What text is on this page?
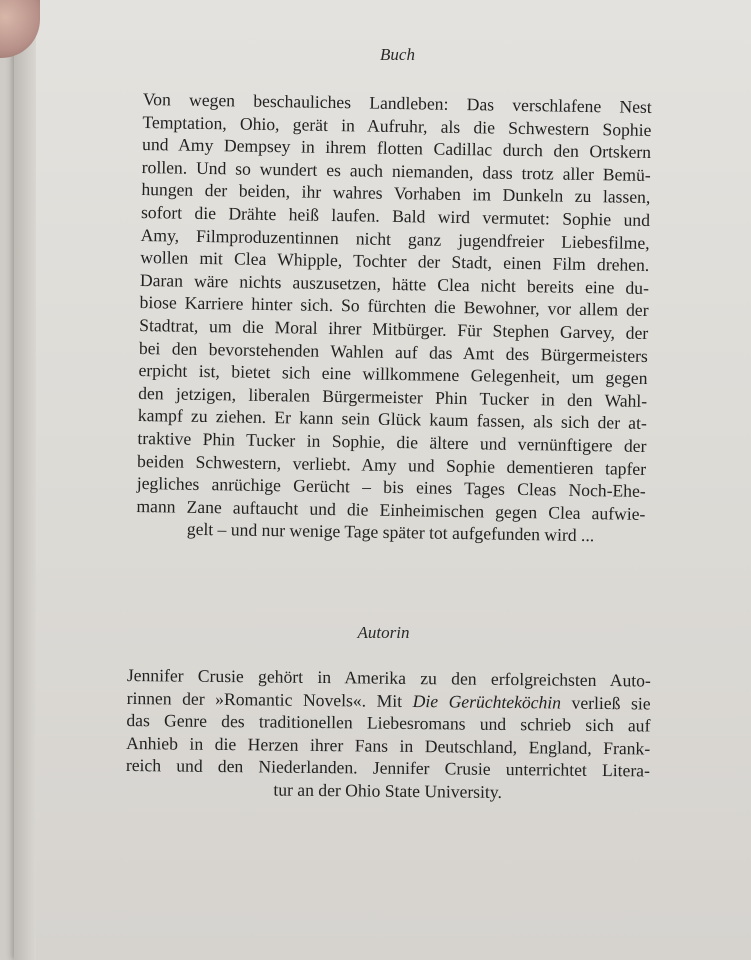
Buch
Von wegen beschauliches Landleben: Das verschlafene Nest
Temptation, Ohio, gerät in Aufruhr, als die Schwestern Sophie
und Amy Dempsey in ihrem flotten Cadillac durch den Ortskern
rollen. Und so wundert es auch niemanden, dass trotz aller Bemü-
hungen der beiden, ihr wahres Vorhaben im Dunkeln zu lassen,
sofort die Drähte heiß laufen. Bald wird vermutet: Sophie und
Amy, Filmproduzentinnen nicht ganz jugendfreier Liebesfilme,
wollen mit Clea Whipple, Tochter der Stadt, einen Film drehen.
Daran wäre nichts auszusetzen, hätte Clea nicht bereits eine du-
biose Karriere hinter sich. So fürchten die Bewohner, vor allem der
Stadtrat, um die Moral ihrer Mitbürger. Für Stephen Garvey, der
bei den bevorstehenden Wahlen auf das Amt des Bürgermeisters
erpicht ist, bietet sich eine willkommene Gelegenheit, um gegen
den jetzigen, liberalen Bürgermeister Phin Tucker in den Wahl-
kampf zu ziehen. Er kann sein Glück kaum fassen, als sich der at-
traktive Phin Tucker in Sophie, die ältere und vernünftigere der
beiden Schwestern, verliebt. Amy und Sophie dementieren tapfer
jegliches anrüchige Gerücht – bis eines Tages Cleas Noch-Ehe-
mann Zane auftaucht und die Einheimischen gegen Clea aufwie-
gelt – und nur wenige Tage später tot aufgefunden wird ...
Autorin
Jennifer Crusie gehört in Amerika zu den erfolgreichsten Auto-
rinnen der »Romantic Novels«. Mit Die Gerüchteköchin verließ sie
das Genre des traditionellen Liebesromans und schrieb sich auf
Anhieb in die Herzen ihrer Fans in Deutschland, England, Frank-
reich und den Niederlanden. Jennifer Crusie unterrichtet Litera-
tur an der Ohio State University.
